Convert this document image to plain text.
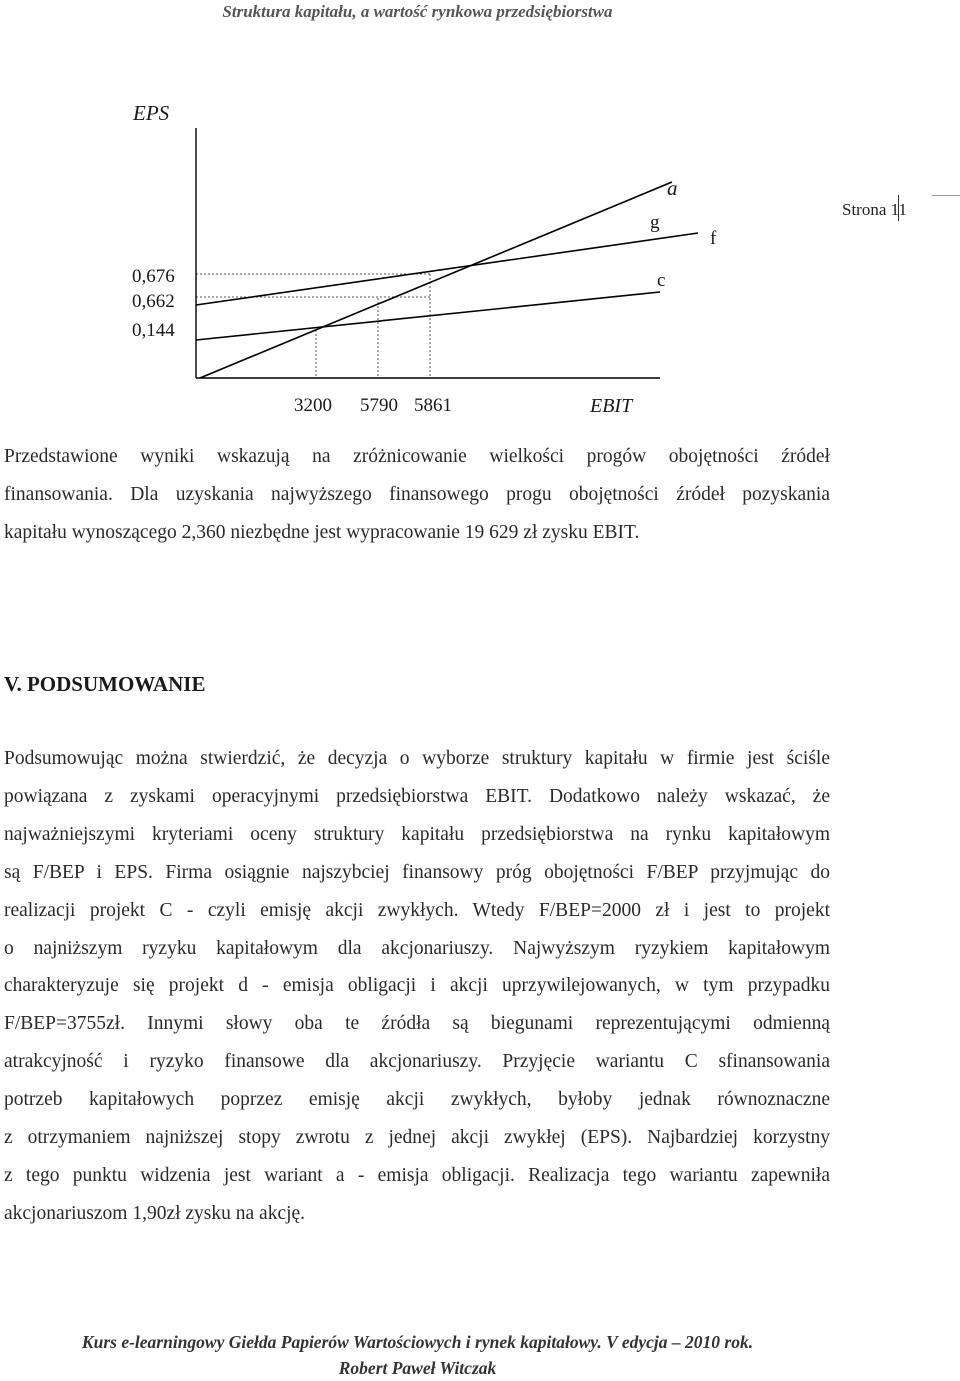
Struktura kapitału, a wartość rynkowa przedsiębiorstwa
Strona 11
EPS
a
g
f
c
0,676
0,662
0,144
3200 5790 5861	EBIT
Przedstawione wyniki wskazują na zróżnicowanie wielkości progów obojętności źródeł
finansowania. Dla uzyskania najwyższego finansowego progu obojętności źródeł pozyskania
kapitału wynoszącego 2,360 niezbędne jest wypracowanie 19 629 zł zysku EBIT.
V. PODSUMOWANIE
Podsumowując można stwierdzić, że decyzja o wyborze struktury kapitału w firmie jest ściśle
powiązana z zyskami operacyjnymi przedsiębiorstwa EBIT. Dodatkowo należy wskazać, że
najważniejszymi kryteriami oceny struktury kapitału przedsiębiorstwa na rynku kapitałowym
są F/BEP i EPS. Firma osiągnie najszybciej finansowy próg obojętności F/BEP przyjmując do
realizacji projekt C - czyli emisję akcji zwykłych. Wtedy F/BEP=2000 zł i jest to projekt
o najniższym ryzyku kapitałowym dla akcjonariuszy. Najwyższym ryzykiem kapitałowym
charakteryzuje się projekt d - emisja obligacji i akcji uprzywilejowanych, w tym przypadku
F/BEP=3755zł. Innymi słowy oba te źródła są biegunami reprezentującymi odmienną
atrakcyjność i ryzyko finansowe dla akcjonariuszy. Przyjęcie wariantu C sfinansowania
potrzeb kapitałowych poprzez emisję akcji zwykłych, byłoby jednak równoznaczne
z otrzymaniem najniższej stopy zwrotu z jednej akcji zwykłej (EPS). Najbardziej korzystny
z tego punktu widzenia jest wariant a - emisja obligacji. Realizacja tego wariantu zapewniła
akcjonariuszom 1,90zł zysku na akcję.
Kurs e-learningowy Giełda Papierów Wartościowych i rynek kapitałowy. V edycja – 2010 rok.
Robert Paweł Witczak
